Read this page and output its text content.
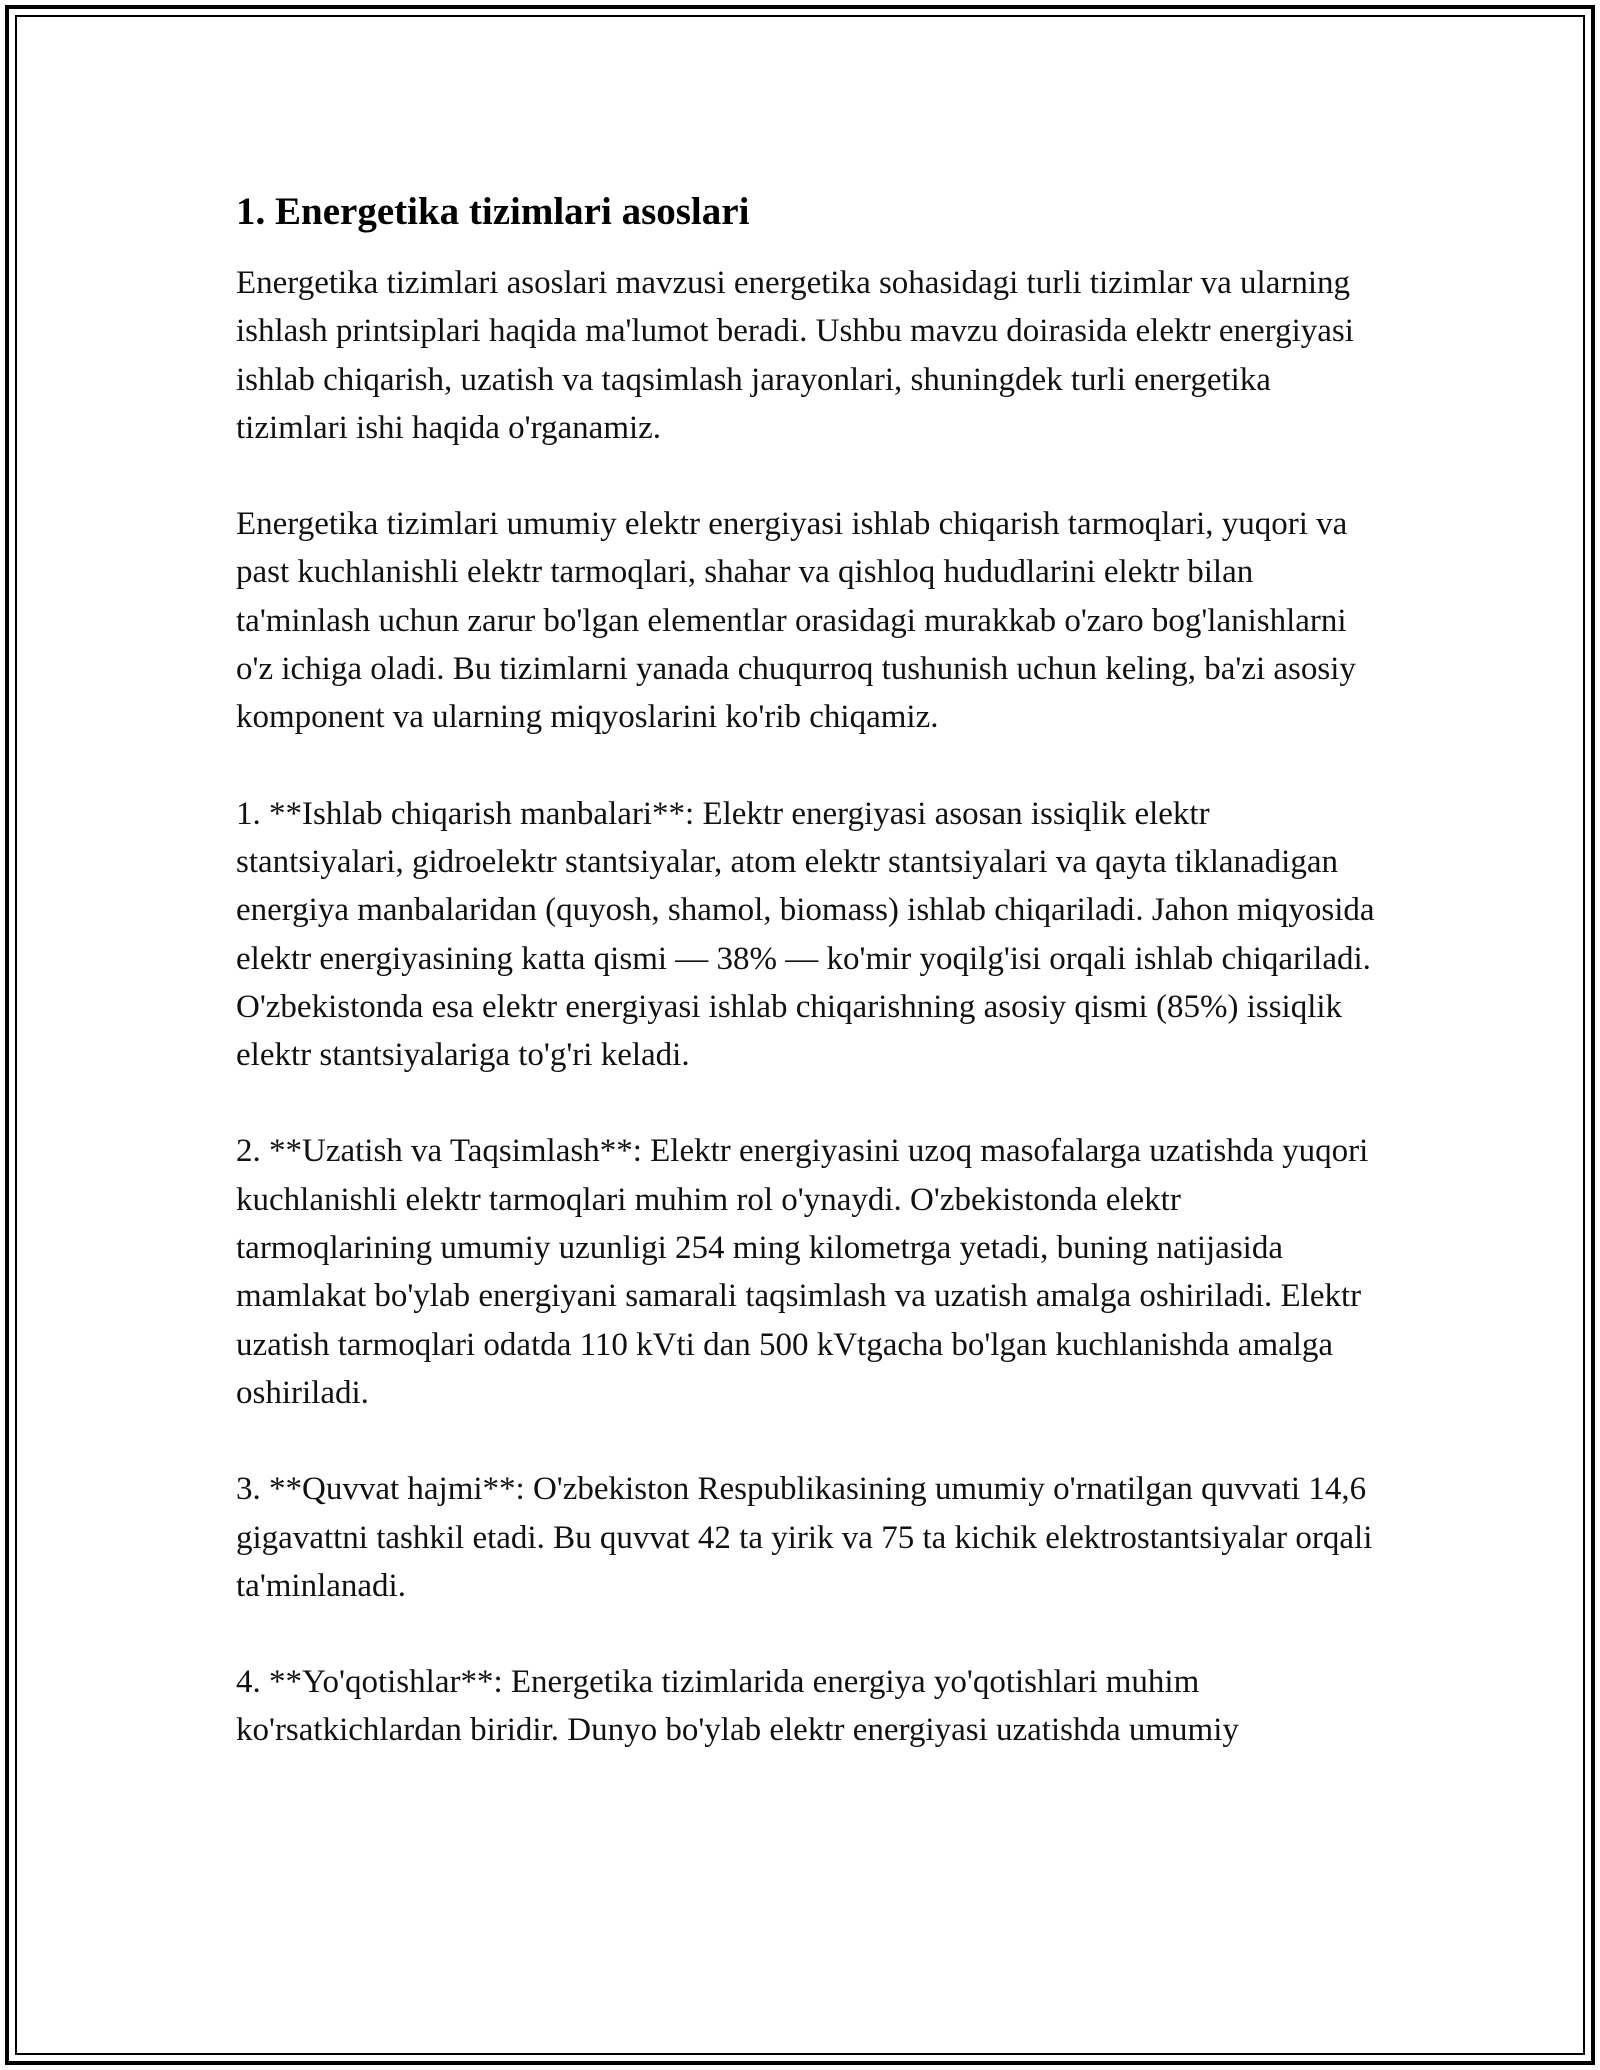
1. Energetika tizimlari asoslari

Energetika tizimlari asoslari mavzusi energetika sohasidagi turli tizimlar va ularning ishlash printsiplari haqida ma'lumot beradi. Ushbu mavzu doirasida elektr energiyasi ishlab chiqarish, uzatish va taqsimlash jarayonlari, shuningdek turli energetika tizimlari ishi haqida o'rganamiz.

Energetika tizimlari umumiy elektr energiyasi ishlab chiqarish tarmoqlari, yuqori va past kuchlanishli elektr tarmoqlari, shahar va qishloq hududlarini elektr bilan ta'minlash uchun zarur bo'lgan elementlar orasidagi murakkab o'zaro bog'lanishlarni o'z ichiga oladi. Bu tizimlarni yanada chuqurroq tushunish uchun keling, ba'zi asosiy komponent va ularning miqyoslarini ko'rib chiqamiz.

1. **Ishlab chiqarish manbalari**: Elektr energiyasi asosan issiqlik elektr stantsiyalari, gidroelektr stantsiyalar, atom elektr stantsiyalari va qayta tiklanadigan energiya manbalaridan (quyosh, shamol, biomass) ishlab chiqariladi. Jahon miqyosida elektr energiyasining katta qismi — 38% — ko'mir yoqilg'isi orqali ishlab chiqariladi. O'zbekistonda esa elektr energiyasi ishlab chiqarishning asosiy qismi (85%) issiqlik elektr stantsiyalariga to'g'ri keladi.

2. **Uzatish va Taqsimlash**: Elektr energiyasini uzoq masofalarga uzatishda yuqori kuchlanishli elektr tarmoqlari muhim rol o'ynaydi. O'zbekistonda elektr tarmoqlarining umumiy uzunligi 254 ming kilometrga yetadi, buning natijasida mamlakat bo'ylab energiyani samarali taqsimlash va uzatish amalga oshiriladi. Elektr uzatish tarmoqlari odatda 110 kVti dan 500 kVtgacha bo'lgan kuchlanishda amalga oshiriladi.

3. **Quvvat hajmi**: O'zbekiston Respublikasining umumiy o'rnatilgan quvvati 14,6 gigavattni tashkil etadi. Bu quvvat 42 ta yirik va 75 ta kichik elektrostantsiyalar orqali ta'minlanadi.

4. **Yo'qotishlar**: Energetika tizimlarida energiya yo'qotishlari muhim ko'rsatkichlardan biridir. Dunyo bo'ylab elektr energiyasi uzatishda umumiy
